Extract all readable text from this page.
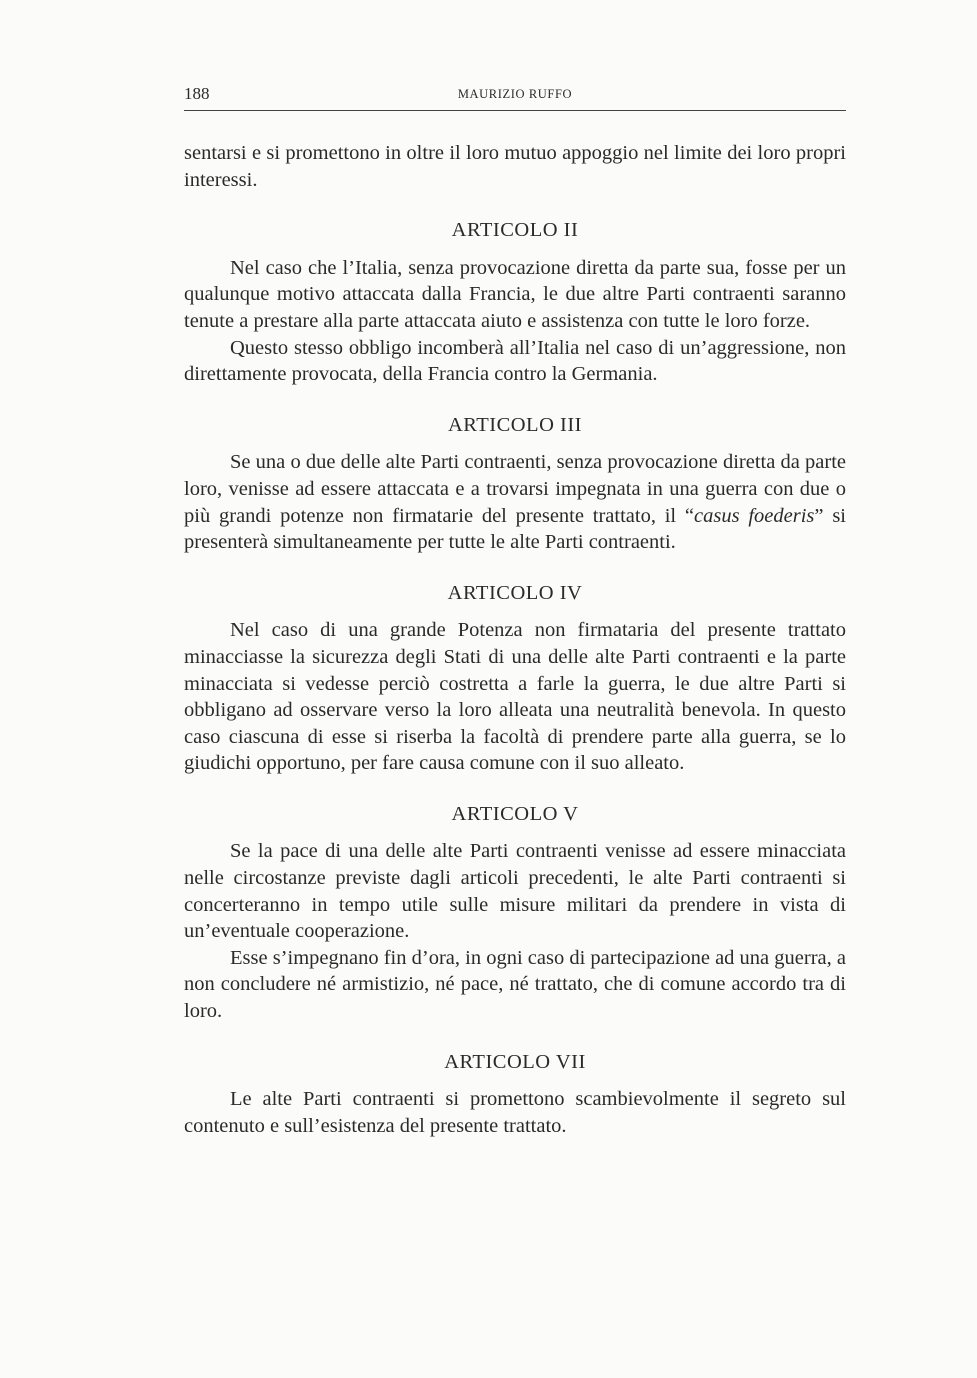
188	MAURIZIO RUFFO

sentarsi e si promettono in oltre il loro mutuo appoggio nel limite dei loro propri interessi.

ARTICOLO II

Nel caso che l’Italia, senza provocazione diretta da parte sua, fosse per un qualunque motivo attaccata dalla Francia, le due altre Parti contraenti saranno tenute a prestare alla parte attaccata aiuto e assistenza con tutte le loro forze.

Questo stesso obbligo incomberà all’Italia nel caso di un’aggressione, non direttamente provocata, della Francia contro la Germania.

ARTICOLO III

Se una o due delle alte Parti contraenti, senza provocazione diretta da parte loro, venisse ad essere attaccata e a trovarsi impegnata in una guerra con due o più grandi potenze non firmatarie del presente trattato, il “casus foederis” si presenterà simultaneamente per tutte le alte Parti contraenti.

ARTICOLO IV

Nel caso di una grande Potenza non firmataria del presente trattato minacciasse la sicurezza degli Stati di una delle alte Parti contraenti e la parte minacciata si vedesse perciò costretta a farle la guerra, le due altre Parti si obbligano ad osservare verso la loro alleata una neutralità benevola. In questo caso ciascuna di esse si riserba la facoltà di prendere parte alla guerra, se lo giudichi opportuno, per fare causa comune con il suo alleato.

ARTICOLO V

Se la pace di una delle alte Parti contraenti venisse ad essere minacciata nelle circostanze previste dagli articoli precedenti, le alte Parti contraenti si concerteranno in tempo utile sulle misure militari da prendere in vista di un’eventuale cooperazione.

Esse s’impegnano fin d’ora, in ogni caso di partecipazione ad una guerra, a non concludere né armistizio, né pace, né trattato, che di comune accordo tra di loro.

ARTICOLO VII

Le alte Parti contraenti si promettono scambievolmente il segreto sul contenuto e sull’esistenza del presente trattato.
